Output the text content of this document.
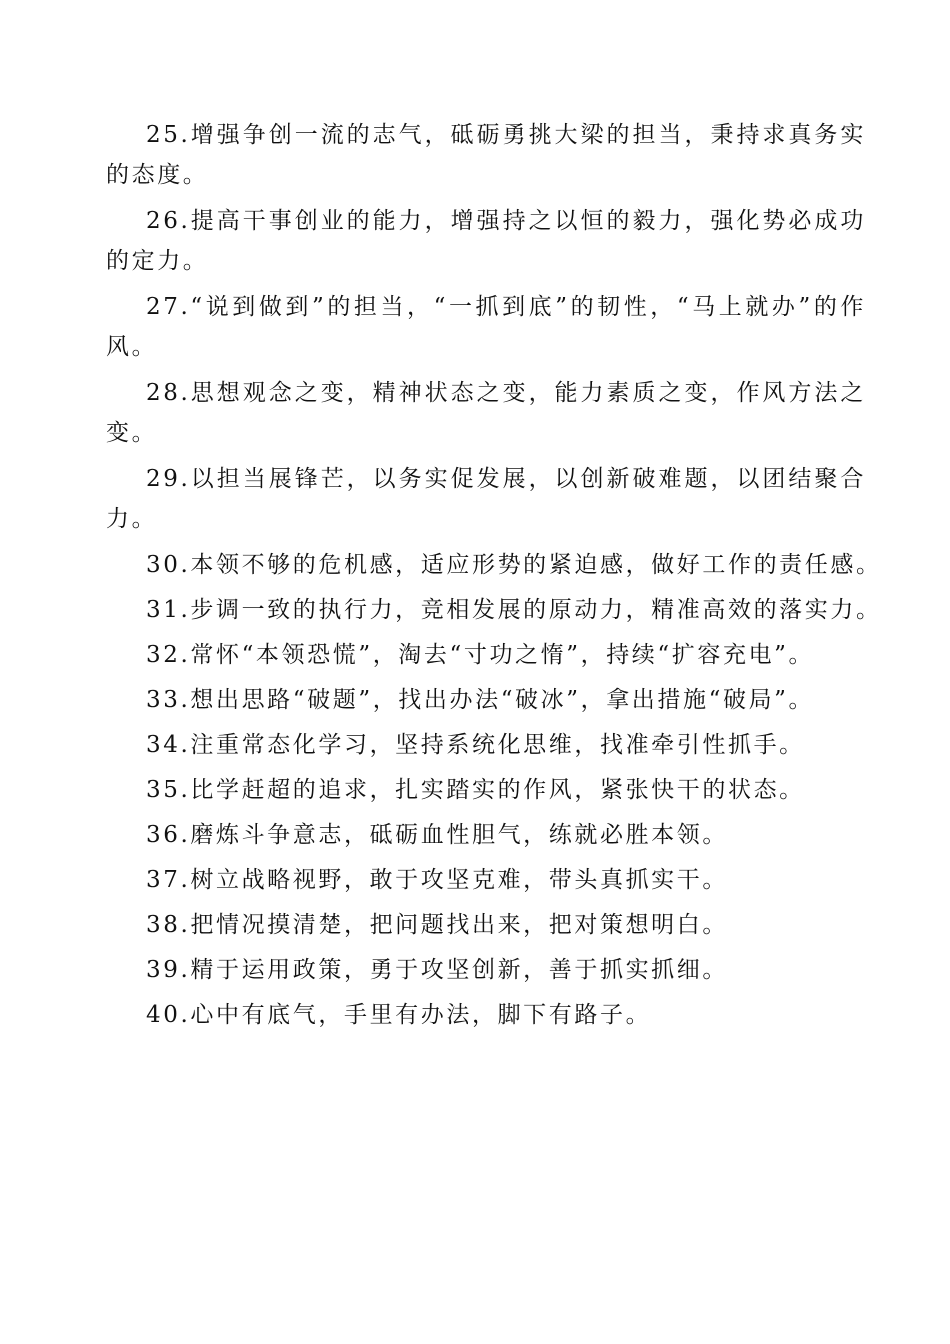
25.增强争创一流的志气，砥砺勇挑大梁的担当，秉持求真务实的态度。

26.提高干事创业的能力，增强持之以恒的毅力，强化势必成功的定力。

27.“说到做到”的担当，“一抓到底”的韧性，“马上就办”的作风。

28.思想观念之变，精神状态之变，能力素质之变，作风方法之变。

29.以担当展锋芒，以务实促发展，以创新破难题，以团结聚合力。

30.本领不够的危机感，适应形势的紧迫感，做好工作的责任感。

31.步调一致的执行力，竞相发展的原动力，精准高效的落实力。

32.常怀“本领恐慌”，淘去“寸功之惰”，持续“扩容充电”。

33.想出思路“破题”，找出办法“破冰”，拿出措施“破局”。

34.注重常态化学习，坚持系统化思维，找准牵引性抓手。

35.比学赶超的追求，扎实踏实的作风，紧张快干的状态。

36.磨炼斗争意志，砥砺血性胆气，练就必胜本领。

37.树立战略视野，敢于攻坚克难，带头真抓实干。

38.把情况摸清楚，把问题找出来，把对策想明白。

39.精于运用政策，勇于攻坚创新，善于抓实抓细。

40.心中有底气，手里有办法，脚下有路子。
